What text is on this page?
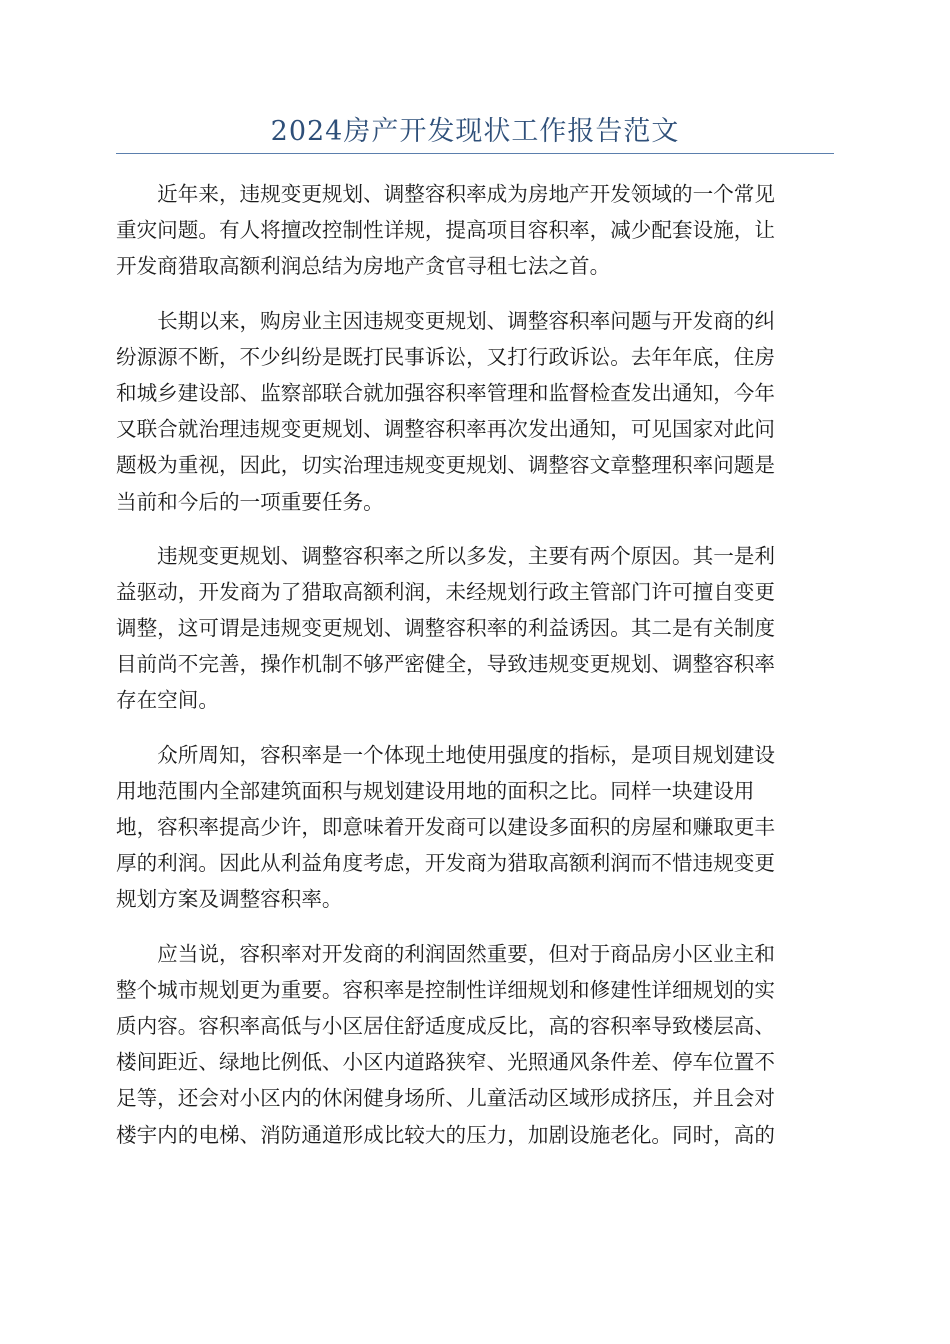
2024房产开发现状工作报告范文
　　近年来，违规变更规划、调整容积率成为房地产开发领域的一个常见
重灾问题。有人将擅改控制性详规，提高项目容积率，减少配套设施，让
开发商猎取高额利润总结为房地产贪官寻租七法之首。
　　长期以来，购房业主因违规变更规划、调整容积率问题与开发商的纠
纷源源不断，不少纠纷是既打民事诉讼，又打行政诉讼。去年年底，住房
和城乡建设部、监察部联合就加强容积率管理和监督检查发出通知，今年
又联合就治理违规变更规划、调整容积率再次发出通知，可见国家对此问
题极为重视，因此，切实治理违规变更规划、调整容文章整理积率问题是
当前和今后的一项重要任务。
　　违规变更规划、调整容积率之所以多发，主要有两个原因。其一是利
益驱动，开发商为了猎取高额利润，未经规划行政主管部门许可擅自变更
调整，这可谓是违规变更规划、调整容积率的利益诱因。其二是有关制度
目前尚不完善，操作机制不够严密健全，导致违规变更规划、调整容积率
存在空间。
　　众所周知，容积率是一个体现土地使用强度的指标，是项目规划建设
用地范围内全部建筑面积与规划建设用地的面积之比。同样一块建设用
地，容积率提高少许，即意味着开发商可以建设多面积的房屋和赚取更丰
厚的利润。因此从利益角度考虑，开发商为猎取高额利润而不惜违规变更
规划方案及调整容积率。
　　应当说，容积率对开发商的利润固然重要，但对于商品房小区业主和
整个城市规划更为重要。容积率是控制性详细规划和修建性详细规划的实
质内容。容积率高低与小区居住舒适度成反比，高的容积率导致楼层高、
楼间距近、绿地比例低、小区内道路狭窄、光照通风条件差、停车位置不
足等，还会对小区内的休闲健身场所、儿童活动区域形成挤压，并且会对
楼宇内的电梯、消防通道形成比较大的压力，加剧设施老化。同时，高的
